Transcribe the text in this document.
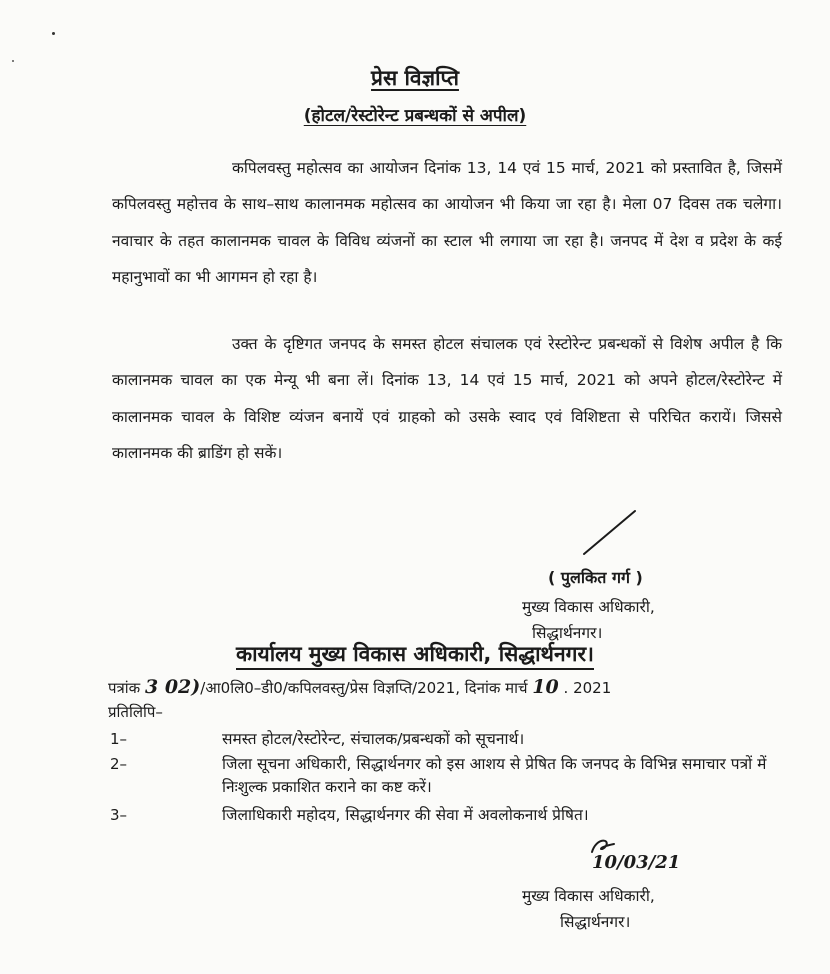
प्रेस विज्ञप्ति
(होटल/रेस्टोरेन्ट प्रबन्धकों से अपील)
कपिलवस्तु महोत्सव का आयोजन दिनांक 13, 14 एवं 15 मार्च, 2021 को प्रस्तावित है, जिसमें कपिलवस्तु महोत्तव के साथ–साथ कालानमक महोत्सव का आयोजन भी किया जा रहा है। मेला 07 दिवस तक चलेगा। नवाचार के तहत कालानमक चावल के विविध व्यंजनों का स्टाल भी लगाया जा रहा है। जनपद में देश व प्रदेश के कई महानुभावों का भी आगमन हो रहा है।
उक्त के दृष्टिगत जनपद के समस्त होटल संचालक एवं रेस्टोरेन्ट प्रबन्धकों से विशेष अपील है कि कालानमक चावल का एक मेन्यू भी बना लें। दिनांक 13, 14 एवं 15 मार्च, 2021 को अपने होटल/रेस्टोरेन्ट में कालानमक चावल के विशिष्ट व्यंजन बनायें एवं ग्राहको को उसके स्वाद एवं विशिष्टता से परिचित करायें। जिससे कालानमक की ब्राडिंग हो सकें।
( पुलकित गर्ग )
मुख्य विकास अधिकारी,
सिद्धार्थनगर।
कार्यालय मुख्य विकास अधिकारी, सिद्धार्थनगर।
पत्रांक 3 02)/आ0लि0–डी0/कपिलवस्तु/प्रेस विज्ञप्ति/2021, दिनांक मार्च 10 . 2021
प्रतिलिपि–
1–	समस्त होटल/रेस्टोरेन्ट, संचालक/प्रबन्धकों को सूचनार्थ।
2–	जिला सूचना अधिकारी, सिद्धार्थनगर को इस आशय से प्रेषित कि जनपद के विभिन्न समाचार पत्रों में निःशुल्क प्रकाशित कराने का कष्ट करें।
3–	जिलाधिकारी महोदय, सिद्धार्थनगर की सेवा में अवलोकनार्थ प्रेषित।
10/03/21
मुख्य विकास अधिकारी,
सिद्धार्थनगर।
